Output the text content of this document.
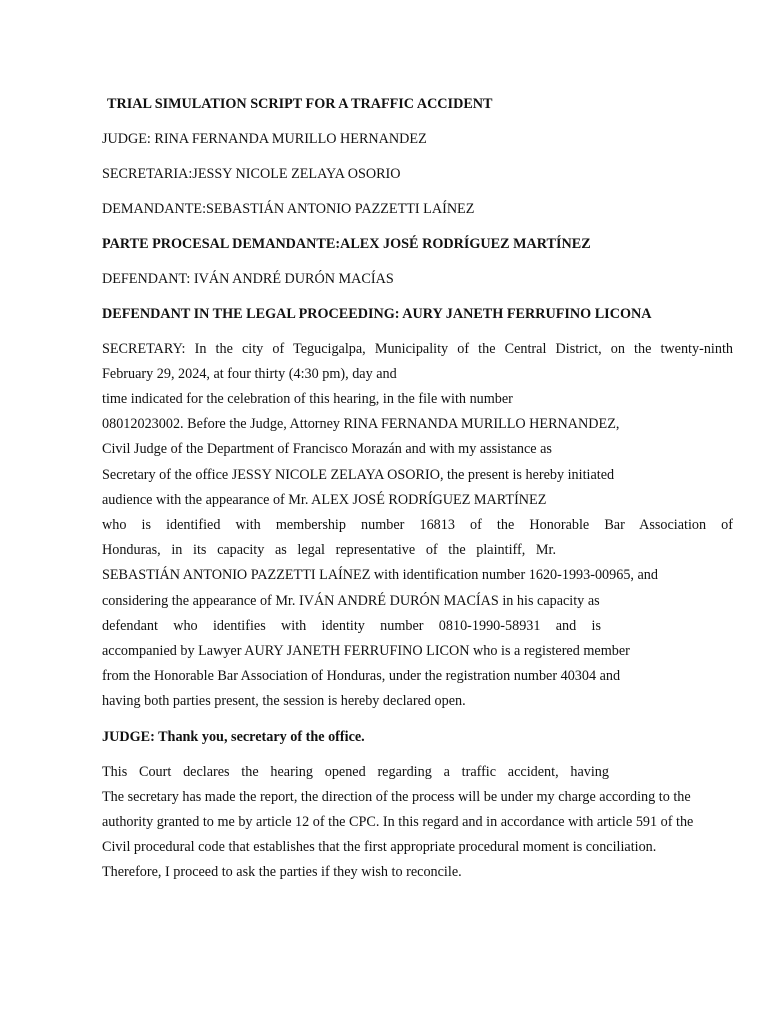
TRIAL SIMULATION SCRIPT FOR A TRAFFIC ACCIDENT

JUDGE: RINA FERNANDA MURILLO HERNANDEZ

SECRETARIA:JESSY NICOLE ZELAYA OSORIO

DEMANDANTE:SEBASTIÁN ANTONIO PAZZETTI LAÍNEZ

PARTE PROCESAL DEMANDANTE:ALEX JOSÉ RODRÍGUEZ MARTÍNEZ

DEFENDANT: IVÁN ANDRÉ DURÓN MACÍAS

DEFENDANT IN THE LEGAL PROCEEDING: AURY JANETH FERRUFINO LICONA

SECRETARY: In the city of Tegucigalpa, Municipality of the Central District, on the twenty-ninth

February 29, 2024, at four thirty (4:30 pm), day and

time indicated for the celebration of this hearing, in the file with number

08012023002. Before the Judge, Attorney RINA FERNANDA MURILLO HERNANDEZ,

Civil Judge of the Department of Francisco Morazán and with my assistance as

Secretary of the office JESSY NICOLE ZELAYA OSORIO, the present is hereby initiated

audience with the appearance of Mr. ALEX JOSÉ RODRÍGUEZ MARTÍNEZ

who is identified with membership number 16813 of the Honorable Bar Association of

Honduras, in its capacity as legal representative of the plaintiff, Mr.

SEBASTIÁN ANTONIO PAZZETTI LAÍNEZ with identification number 1620-1993-00965, and

considering the appearance of Mr. IVÁN ANDRÉ DURÓN MACÍAS in his capacity as

defendant who identifies with identity number 0810-1990-58931 and is

accompanied by Lawyer AURY JANETH FERRUFINO LICON who is a registered member

from the Honorable Bar Association of Honduras, under the registration number 40304 and

having both parties present, the session is hereby declared open.

JUDGE: Thank you, secretary of the office.

This Court declares the hearing opened regarding a traffic accident, having

The secretary has made the report, the direction of the process will be under my charge according to the

authority granted to me by article 12 of the CPC. In this regard and in accordance with article 591 of the

Civil procedural code that establishes that the first appropriate procedural moment is conciliation.

Therefore, I proceed to ask the parties if they wish to reconcile.
